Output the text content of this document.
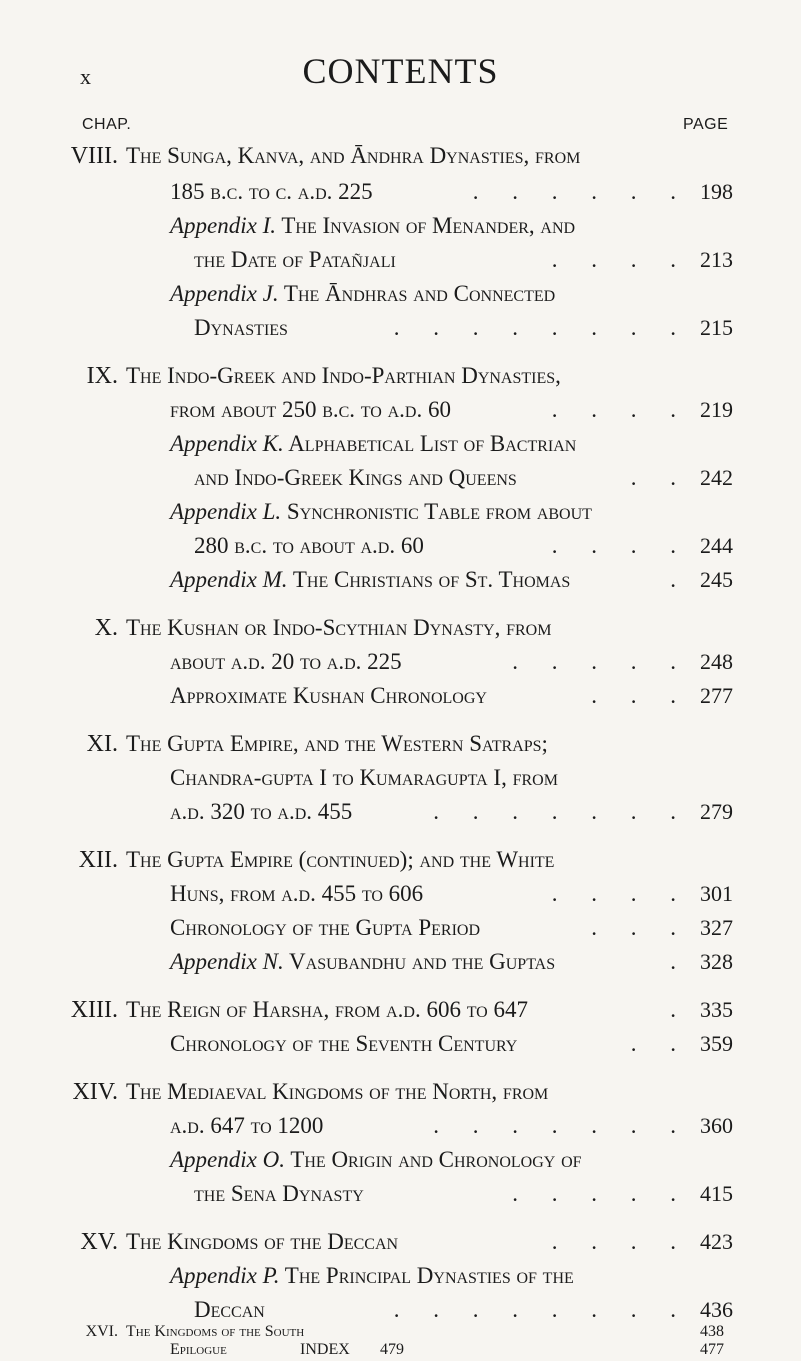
x	CONTENTS
CHAP.	PAGE
VIII. The Sunga, Kanva, and Āndhra Dynasties, from
185 b.c. to c. a.d. 225	. . . . . . 198
Appendix I. The Invasion of Menander, and
the Date of Patañjali	. . . . 213
Appendix J. The Āndhras and Connected
Dynasties	. . . . . . . . 215
IX. The Indo-Greek and Indo-Parthian Dynasties,
from about 250 b.c. to a.d. 60	. . . . 219
Appendix K. Alphabetical List of Bactrian
and Indo-Greek Kings and Queens	. . 242
Appendix L. Synchronistic Table from about
280 b.c. to about a.d. 60	. . . . 244
Appendix M. The Christians of St. Thomas	. 245
X. The Kushan or Indo-Scythian Dynasty, from
about a.d. 20 to a.d. 225	. . . . . 248
Approximate Kushan Chronology	. . . 277
XI. The Gupta Empire, and the Western Satraps;
Chandra-gupta I to Kumaragupta I, from
a.d. 320 to a.d. 455	. . . . . . . 279
XII. The Gupta Empire (continued); and the White
Huns, from a.d. 455 to 606	. . . . 301
Chronology of the Gupta Period	. . . 327
Appendix N. Vasubandhu and the Guptas	. 328
XIII. The Reign of Harsha, from a.d. 606 to 647	. 335
Chronology of the Seventh Century	. . 359
XIV. The Mediaeval Kingdoms of the North, from
a.d. 647 to 1200	. . . . . . . 360
Appendix O. The Origin and Chronology of
the Sena Dynasty	. . . . . 415
XV. The Kingdoms of the Deccan	. . . . 423
Appendix P. The Principal Dynasties of the
Deccan	. . . . . . . . 436
XVI. The Kingdoms of the South	438
Epilogue	477
INDEX 479
